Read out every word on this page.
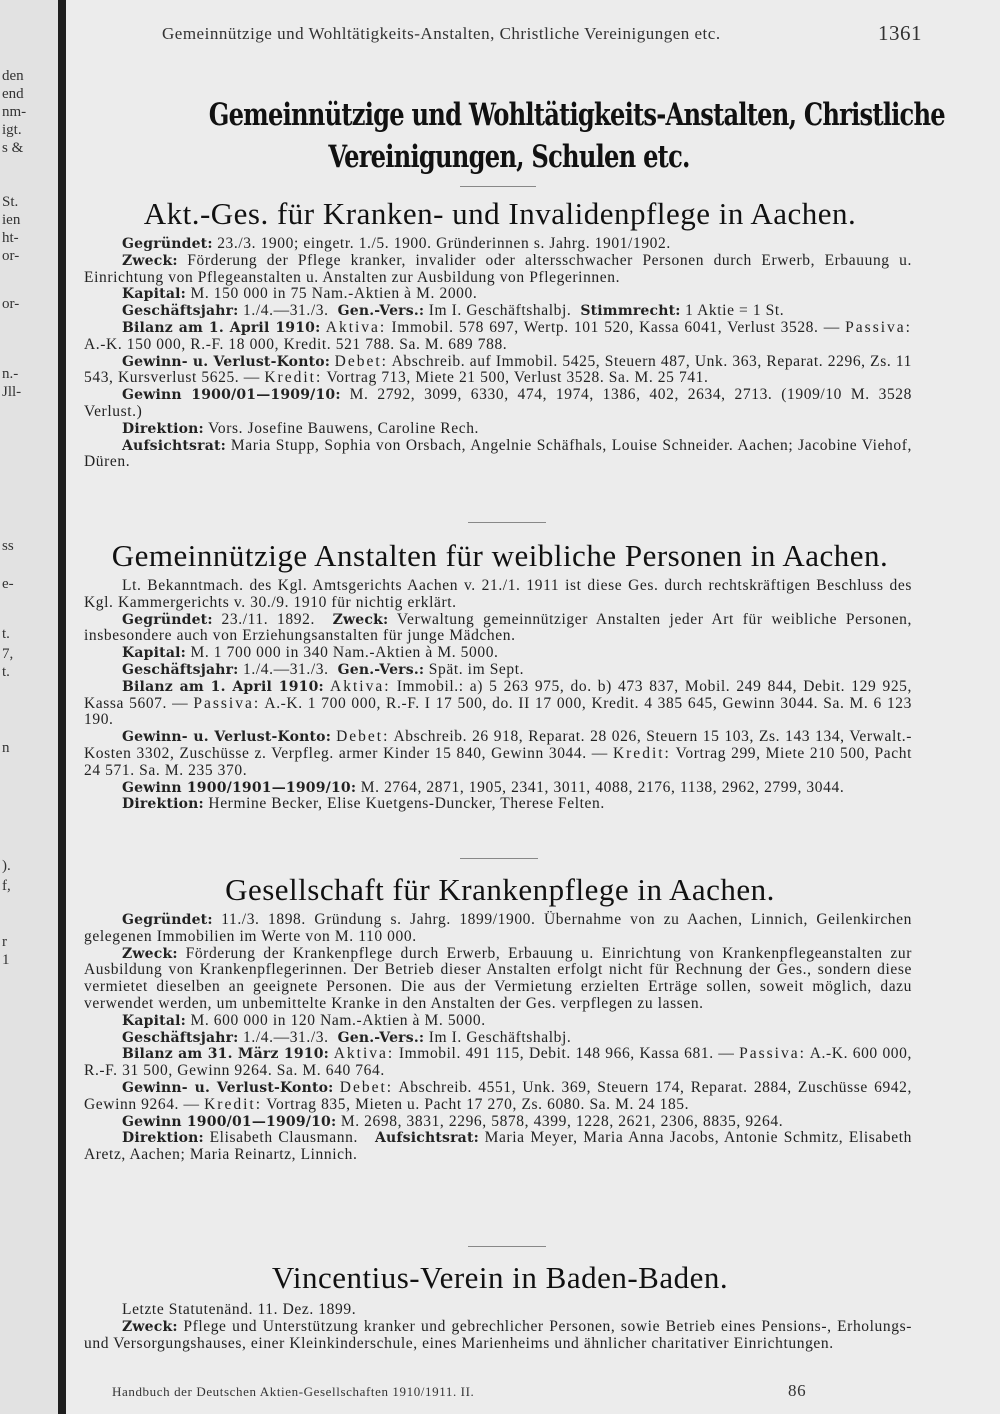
den
end
nm-
igt.
s &
St.
ien
ht-
or-
or-
n.-
Jll-
ss
e-
t.
7,
t.
n
).
f,
r
1
Gemeinnützige und Wohltätigkeits-Anstalten, Christliche Vereinigungen etc.	1361
Gemeinnützige und Wohltätigkeits-Anstalten, Christliche
Vereinigungen, Schulen etc.
Akt.-Ges. für Kranken- und Invalidenpflege in Aachen.

Gegründet: 23./3. 1900; eingetr. 1./5. 1900. Gründerinnen s. Jahrg. 1901/1902.

Zweck: Förderung der Pflege kranker, invalider oder altersschwacher Personen durch Erwerb, Erbauung u. Einrichtung von Pflegeanstalten u. Anstalten zur Ausbildung von Pflegerinnen.

Kapital: M. 150 000 in 75 Nam.-Aktien à M. 2000.

Geschäftsjahr: 1./4.—31./3. Gen.-Vers.: Im I. Geschäftshalbj. Stimmrecht: 1 Aktie = 1 St.

Bilanz am 1. April 1910: Aktiva: Immobil. 578 697, Wertp. 101 520, Kassa 6041, Verlust 3528. — Passiva: A.-K. 150 000, R.-F. 18 000, Kredit. 521 788. Sa. M. 689 788.

Gewinn- u. Verlust-Konto: Debet: Abschreib. auf Immobil. 5425, Steuern 487, Unk. 363, Reparat. 2296, Zs. 11 543, Kursverlust 5625. — Kredit: Vortrag 713, Miete 21 500, Verlust 3528. Sa. M. 25 741.

Gewinn 1900/01—1909/10: M. 2792, 3099, 6330, 474, 1974, 1386, 402, 2634, 2713. (1909/10 M. 3528 Verlust.)

Direktion: Vors. Josefine Bauwens, Caroline Rech.

Aufsichtsrat: Maria Stupp, Sophia von Orsbach, Angelnie Schäfhals, Louise Schneider. Aachen; Jacobine Viehof, Düren.

Gemeinnützige Anstalten für weibliche Personen in Aachen.

Lt. Bekanntmach. des Kgl. Amtsgerichts Aachen v. 21./1. 1911 ist diese Ges. durch rechtskräftigen Beschluss des Kgl. Kammergerichts v. 30./9. 1910 für nichtig erklärt.

Gegründet: 23./11. 1892. Zweck: Verwaltung gemeinnütziger Anstalten jeder Art für weibliche Personen, insbesondere auch von Erziehungsanstalten für junge Mädchen.

Kapital: M. 1 700 000 in 340 Nam.-Aktien à M. 5000.

Geschäftsjahr: 1./4.—31./3. Gen.-Vers.: Spät. im Sept.

Bilanz am 1. April 1910: Aktiva: Immobil.: a) 5 263 975, do. b) 473 837, Mobil. 249 844, Debit. 129 925, Kassa 5607. — Passiva: A.-K. 1 700 000, R.-F. I 17 500, do. II 17 000, Kredit. 4 385 645, Gewinn 3044. Sa. M. 6 123 190.

Gewinn- u. Verlust-Konto: Debet: Abschreib. 26 918, Reparat. 28 026, Steuern 15 103, Zs. 143 134, Verwalt.-Kosten 3302, Zuschüsse z. Verpfleg. armer Kinder 15 840, Gewinn 3044. — Kredit: Vortrag 299, Miete 210 500, Pacht 24 571. Sa. M. 235 370.

Gewinn 1900/1901—1909/10: M. 2764, 2871, 1905, 2341, 3011, 4088, 2176, 1138, 2962, 2799, 3044.

Direktion: Hermine Becker, Elise Kuetgens-Duncker, Therese Felten.

Gesellschaft für Krankenpflege in Aachen.

Gegründet: 11./3. 1898. Gründung s. Jahrg. 1899/1900. Übernahme von zu Aachen, Linnich, Geilenkirchen gelegenen Immobilien im Werte von M. 110 000.

Zweck: Förderung der Krankenpflege durch Erwerb, Erbauung u. Einrichtung von Krankenpflegeanstalten zur Ausbildung von Krankenpflegerinnen. Der Betrieb dieser Anstalten erfolgt nicht für Rechnung der Ges., sondern diese vermietet dieselben an geeignete Personen. Die aus der Vermietung erzielten Erträge sollen, soweit möglich, dazu verwendet werden, um unbemittelte Kranke in den Anstalten der Ges. verpflegen zu lassen.

Kapital: M. 600 000 in 120 Nam.-Aktien à M. 5000.

Geschäftsjahr: 1./4.—31./3. Gen.-Vers.: Im I. Geschäftshalbj.

Bilanz am 31. März 1910: Aktiva: Immobil. 491 115, Debit. 148 966, Kassa 681. — Passiva: A.-K. 600 000, R.-F. 31 500, Gewinn 9264. Sa. M. 640 764.

Gewinn- u. Verlust-Konto: Debet: Abschreib. 4551, Unk. 369, Steuern 174, Reparat. 2884, Zuschüsse 6942, Gewinn 9264. — Kredit: Vortrag 835, Mieten u. Pacht 17 270, Zs. 6080. Sa. M. 24 185.

Gewinn 1900/01—1909/10: M. 2698, 3831, 2296, 5878, 4399, 1228, 2621, 2306, 8835, 9264.

Direktion: Elisabeth Clausmann. Aufsichtsrat: Maria Meyer, Maria Anna Jacobs, Antonie Schmitz, Elisabeth Aretz, Aachen; Maria Reinartz, Linnich.

Vincentius-Verein in Baden-Baden.

Letzte Statutenänd. 11. Dez. 1899.

Zweck: Pflege und Unterstützung kranker und gebrechlicher Personen, sowie Betrieb eines Pensions-, Erholungs- und Versorgungshauses, einer Kleinkinderschule, eines Marienheims und ähnlicher charitativer Einrichtungen.

Handbuch der Deutschen Aktien-Gesellschaften 1910/1911. II.	86
